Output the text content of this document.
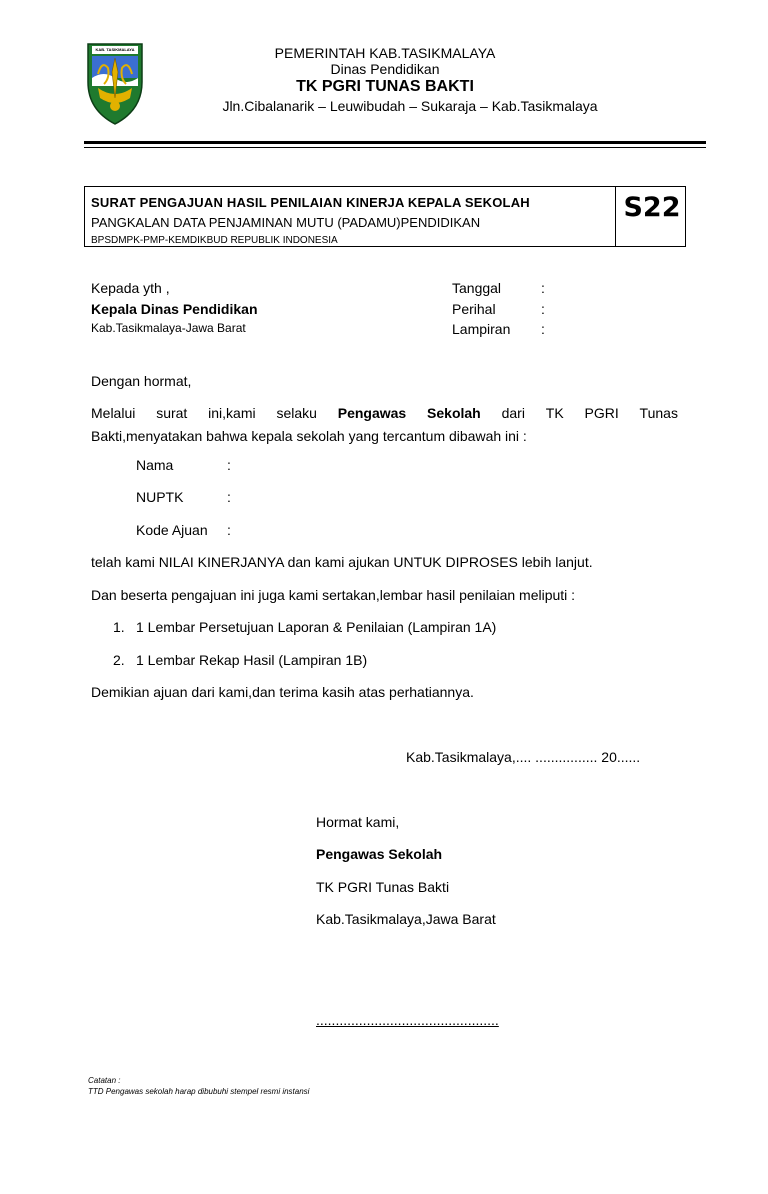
KAB. TASIKMALAYA	PEMERINTAH KAB.TASIKMALAYA
Dinas Pendidikan
TK PGRI TUNAS BAKTI
Jln.Cibalanarik – Leuwibudah – Sukaraja – Kab.Tasikmalaya
SURAT PENGAJUAN HASIL PENILAIAN KINERJA KEPALA SEKOLAH
PANGKALAN DATA PENJAMINAN MUTU (PADAMU)PENDIDIKAN
BPSDMPK-PMP-KEMDIKBUD REPUBLIK INDONESIA
S22
Kepada yth ,
Kepala Dinas Pendidikan
Kab.Tasikmalaya-Jawa Barat
Tanggal	:
Perihal	:
Lampiran :
Dengan hormat,
Melalui surat ini,kami selaku Pengawas Sekolah dari TK PGRI Tunas
Bakti,menyatakan bahwa kepala sekolah yang tercantum dibawah ini :
Nama	:
NUPTK	:
Kode Ajuan :
telah kami NILAI KINERJANYA dan kami ajukan UNTUK DIPROSES lebih lanjut.
Dan beserta pengajuan ini juga kami sertakan,lembar hasil penilaian meliputi :
1. 1 Lembar Persetujuan Laporan & Penilaian (Lampiran 1A)
2. 1 Lembar Rekap Hasil (Lampiran 1B)
Demikian ajuan dari kami,dan terima kasih atas perhatiannya.
Kab.Tasikmalaya,.... ................ 20......
Hormat kami,
Pengawas Sekolah
TK PGRI Tunas Bakti
Kab.Tasikmalaya,Jawa Barat
...............................................
Catatan :
TTD Pengawas sekolah harap dibubuhi stempel resmi instansi
